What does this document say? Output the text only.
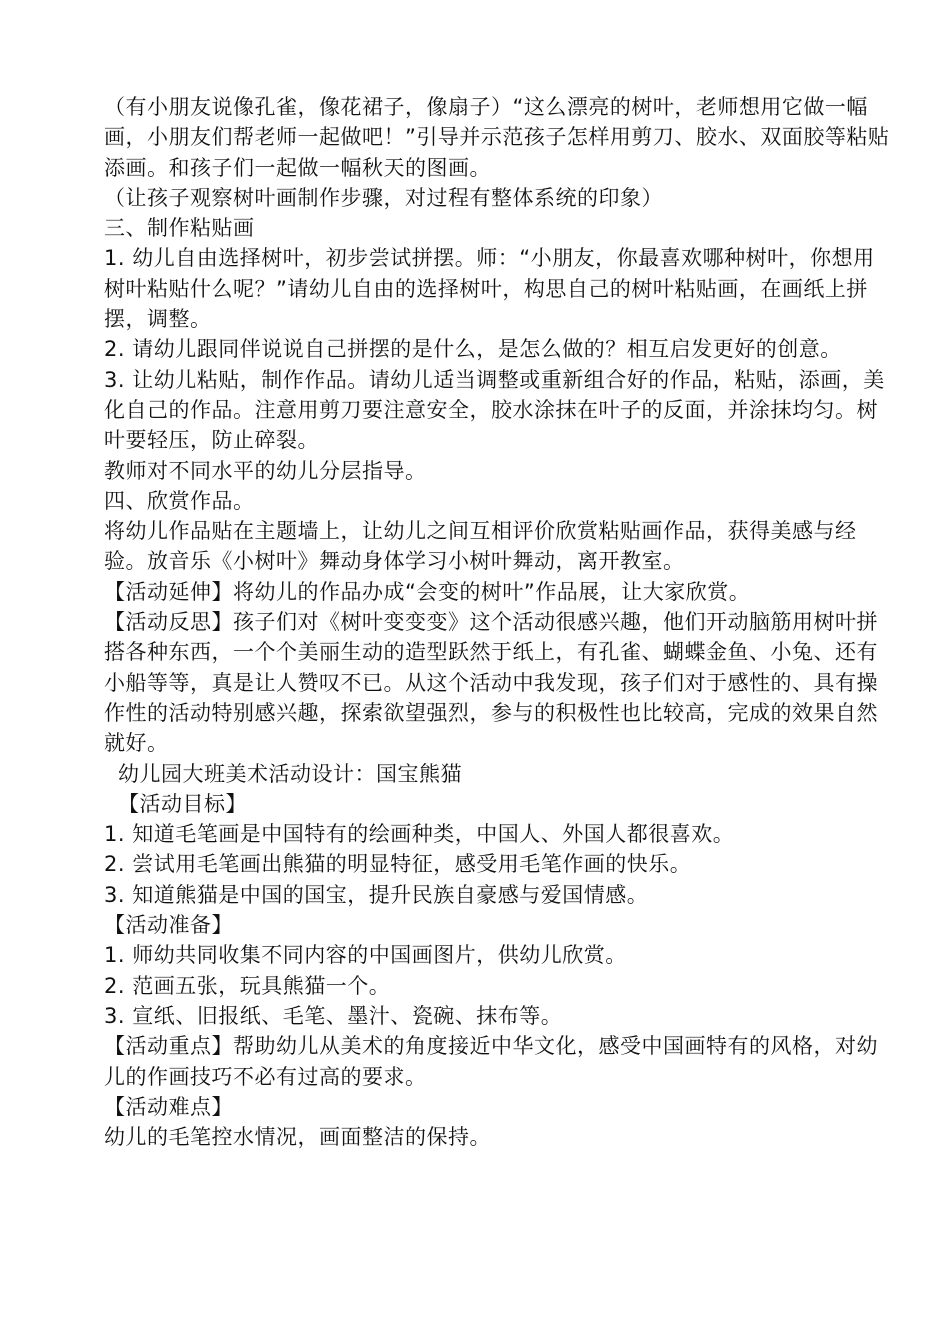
（有小朋友说像孔雀，像花裙子，像扇子）“这么漂亮的树叶，老师想用它做一幅画，小朋友们帮老师一起做吧！”引导并示范孩子怎样用剪刀、胶水、双面胶等粘贴添画。和孩子们一起做一幅秋天的图画。

（让孩子观察树叶画制作步骤，对过程有整体系统的印象）

三、制作粘贴画

1. 幼儿自由选择树叶，初步尝试拼摆。师：“小朋友，你最喜欢哪种树叶，你想用树叶粘贴什么呢？”请幼儿自由的选择树叶，构思自己的树叶粘贴画，在画纸上拼摆，调整。

2. 请幼儿跟同伴说说自己拼摆的是什么，是怎么做的？相互启发更好的创意。

3. 让幼儿粘贴，制作作品。请幼儿适当调整或重新组合好的作品，粘贴，添画，美化自己的作品。注意用剪刀要注意安全，胶水涂抹在叶子的反面，并涂抹均匀。树叶要轻压，防止碎裂。

教师对不同水平的幼儿分层指导。

四、欣赏作品。

将幼儿作品贴在主题墙上，让幼儿之间互相评价欣赏粘贴画作品，获得美感与经验。放音乐《小树叶》舞动身体学习小树叶舞动，离开教室。

【活动延伸】将幼儿的作品办成“会变的树叶”作品展，让大家欣赏。

【活动反思】孩子们对《树叶变变变》这个活动很感兴趣，他们开动脑筋用树叶拼搭各种东西，一个个美丽生动的造型跃然于纸上，有孔雀、蝴蝶金鱼、小兔、还有小船等等，真是让人赞叹不已。从这个活动中我发现，孩子们对于感性的、具有操作性的活动特别感兴趣，探索欲望强烈，参与的积极性也比较高，完成的效果自然就好。

幼儿园大班美术活动设计：国宝熊猫

【活动目标】

1. 知道毛笔画是中国特有的绘画种类，中国人、外国人都很喜欢。

2. 尝试用毛笔画出熊猫的明显特征，感受用毛笔作画的快乐。

3. 知道熊猫是中国的国宝，提升民族自豪感与爱国情感。

【活动准备】

1. 师幼共同收集不同内容的中国画图片，供幼儿欣赏。

2. 范画五张，玩具熊猫一个。

3. 宣纸、旧报纸、毛笔、墨汁、瓷碗、抹布等。

【活动重点】帮助幼儿从美术的角度接近中华文化，感受中国画特有的风格，对幼儿的作画技巧不必有过高的要求。

【活动难点】

幼儿的毛笔控水情况，画面整洁的保持。
